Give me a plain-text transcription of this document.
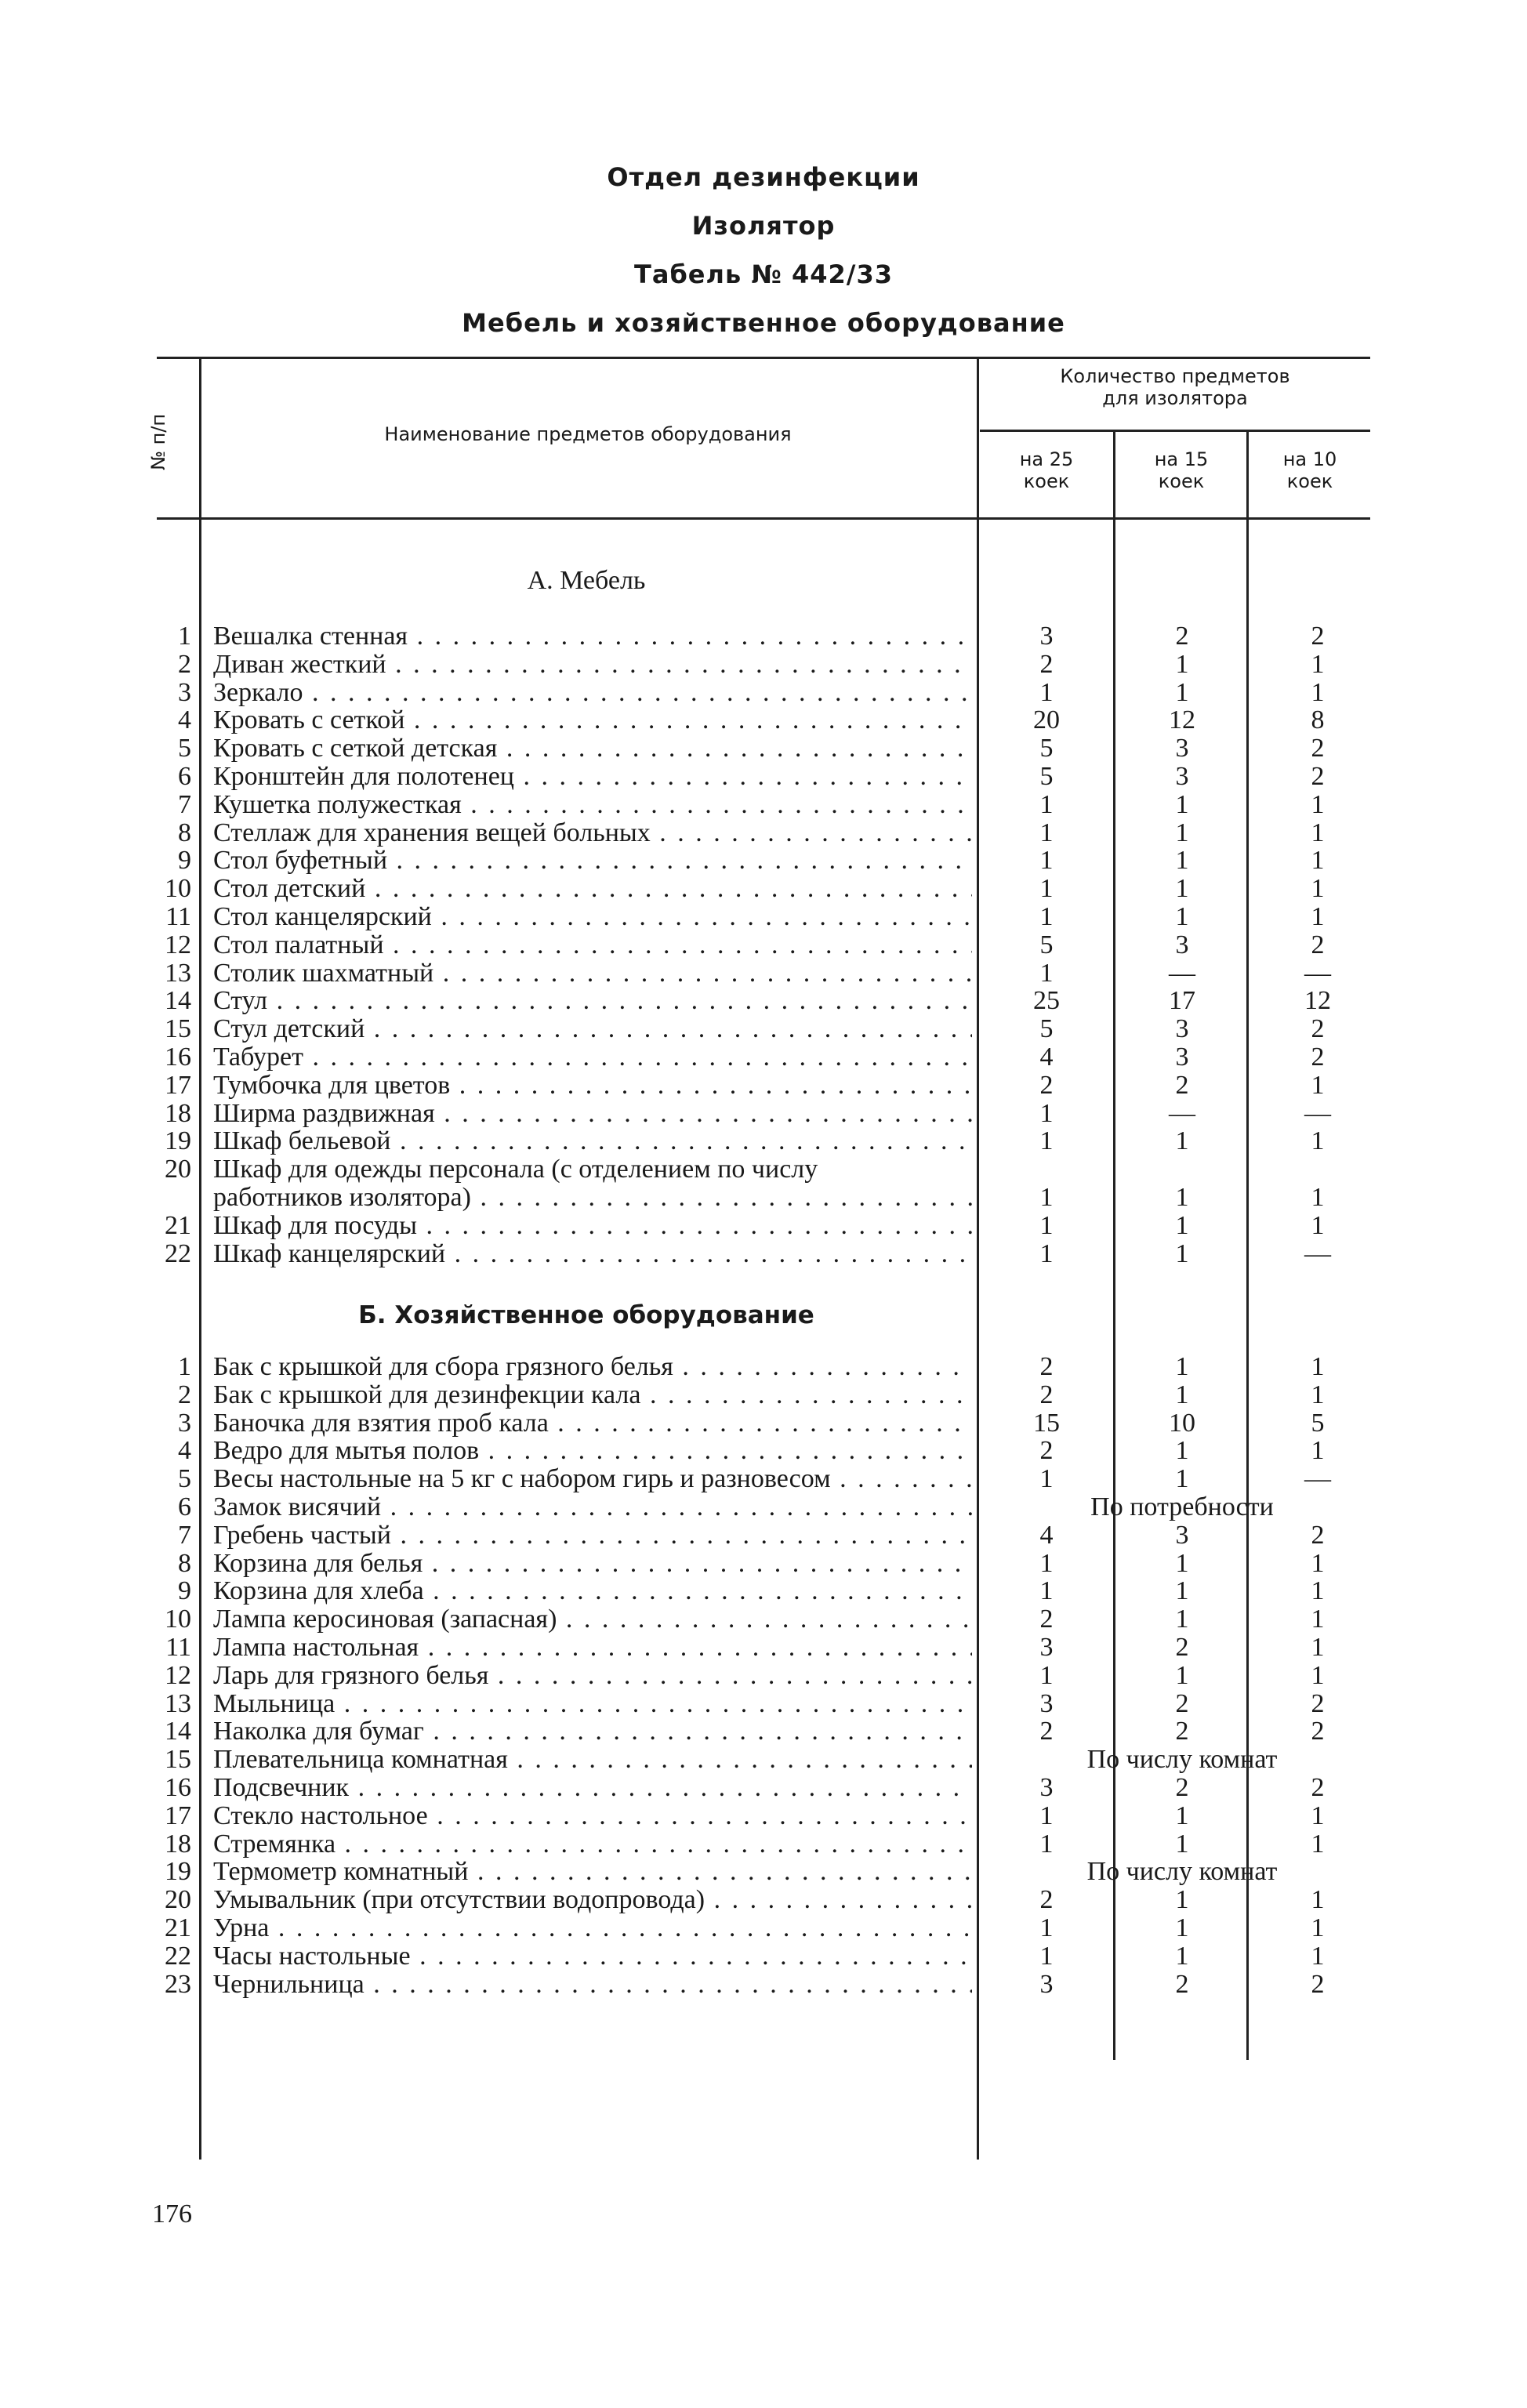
Отдел дезинфекции
Изолятор
Табель № 442/33
Мебель и хозяйственное оборудование
№ п/п	Наименование предметов оборудования
Количество предметов
для изолятора
на 25
коек
на 15
коек
на 10
коек
А. Мебель
1 Вешалка стенная . . .	3	2	2
2 Диван жесткий . . .	2	1	1
3 Зеркало . . .	1	1	1
4 Кровать с сеткой . . .	20	12	8
5 Кровать с сеткой детская . . .	5	3	2
6 Кронштейн для полотенец . . .	5	3	2
7 Кушетка полужесткая . . .	1	1	1
8 Стеллаж для хранения вещей больных . . .	1	1	1
9 Стол буфетный . . .	1	1	1
10 Стол детский . . .	1	1	1
11 Стол канцелярский . . .	1	1	1
12 Стол палатный . . .	5	3	2
13 Столик шахматный . . .	1	—	—
14 Стул . . .	25	17	12
15 Стул детский . . .	5	3	2
16 Табурет . . .	4	3	2
17 Тумбочка для цветов . . .	2	2	1
18 Ширма раздвижная . . .	1	—	—
19 Шкаф бельевой . . .	1	1	1
20 Шкаф для одежды персонала (с отделением по числу
работников изолятора) . . .	1	1	1
21 Шкаф для посуды . . .	1	1	1
22 Шкаф канцелярский . . .	1	1	—
Б. Хозяйственное оборудование
1 Бак с крышкой для сбора грязного белья . . .	2	1	1
2 Бак с крышкой для дезинфекции кала . . .	2	1	1
3 Баночка для взятия проб кала . . .	15	10	5
4 Ведро для мытья полов . . .	2	1	1
5 Весы настольные на 5 кг с набором гирь и разновесом . . .	1	1	—
6 Замок висячий . . .	По потребности
7 Гребень частый . . .	4	3	2
8 Корзина для белья . . .	1	1	1
9 Корзина для хлеба . . .	1	1	1
10 Лампа керосиновая (запасная) . . .	2	1	1
11 Лампа настольная . . .	3	2	1
12 Ларь для грязного белья . . .	1	1	1
13 Мыльница . . .	3	2	2
14 Наколка для бумаг . . .	2	2	2
15 Плевательница комнатная . . .	По числу комнат
16 Подсвечник . . .	3	2	2
17 Стекло настольное . . .	1	1	1
18 Стремянка . . .	1	1	1
19 Термометр комнатный . . .	По числу комнат
20 Умывальник (при отсутствии водопровода) . . .	2	1	1
21 Урна . . .	1	1	1
22 Часы настольные . . .	1	1	1
23 Чернильница . . .	3	2	2
176
